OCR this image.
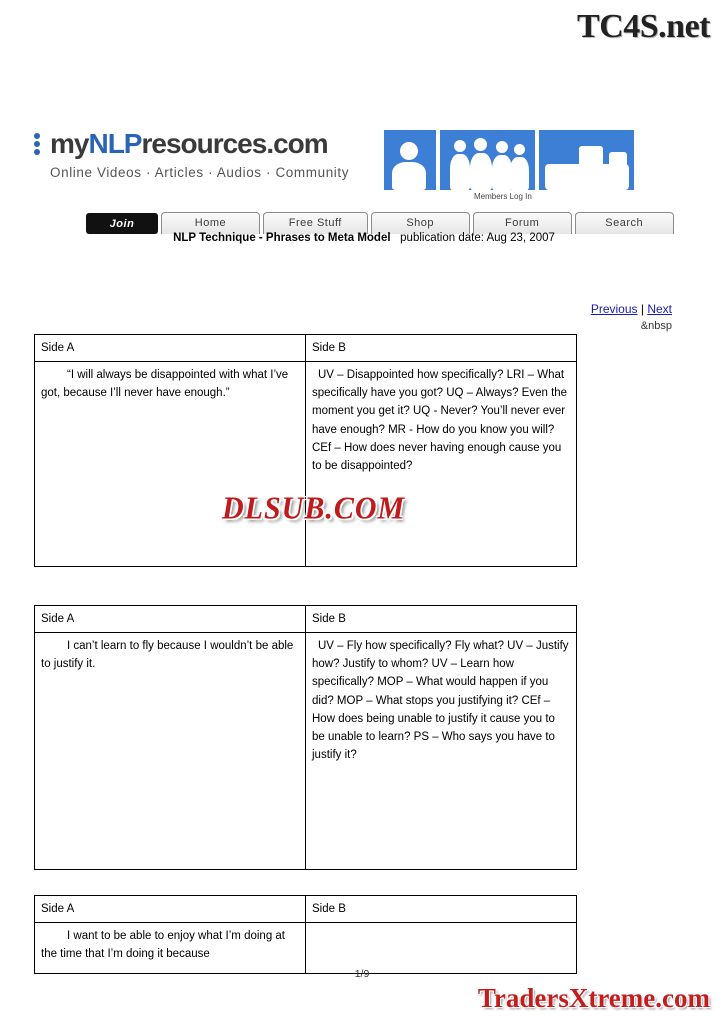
TC4S.net
myNLPresources.com
Online Videos · Articles · Audios · Community
Members Log In
Join Now
Home	Free Stuff	Shop	Forum	Search
NLP Technique - Phrases to Meta Model publication date: Aug 23, 2007
Previous | Next
&nbsp
Side A	Side B
“I will always be disappointed with what I’ve got, because I’ll never have enough.”	UV – Disappointed how specifically? LRI – What specifically have you got? UQ – Always? Even the moment you get it? UQ - Never? You’ll never ever have enough? MR - How do you know you will? CEf – How does never having enough cause you to be disappointed?
DLSUB.COM
Side A	Side B
I can’t learn to fly because I wouldn’t be able to justify it.	UV – Fly how specifically? Fly what? UV – Justify how? Justify to whom? UV – Learn how specifically? MOP – What would happen if you did? MOP – What stops you justifying it? CEf – How does being unable to justify it cause you to be unable to learn? PS – Who says you have to justify it?
Side A	Side B
I want to be able to enjoy what I’m doing at the time that I’m doing it because	
1/9
TradersXtreme.com
